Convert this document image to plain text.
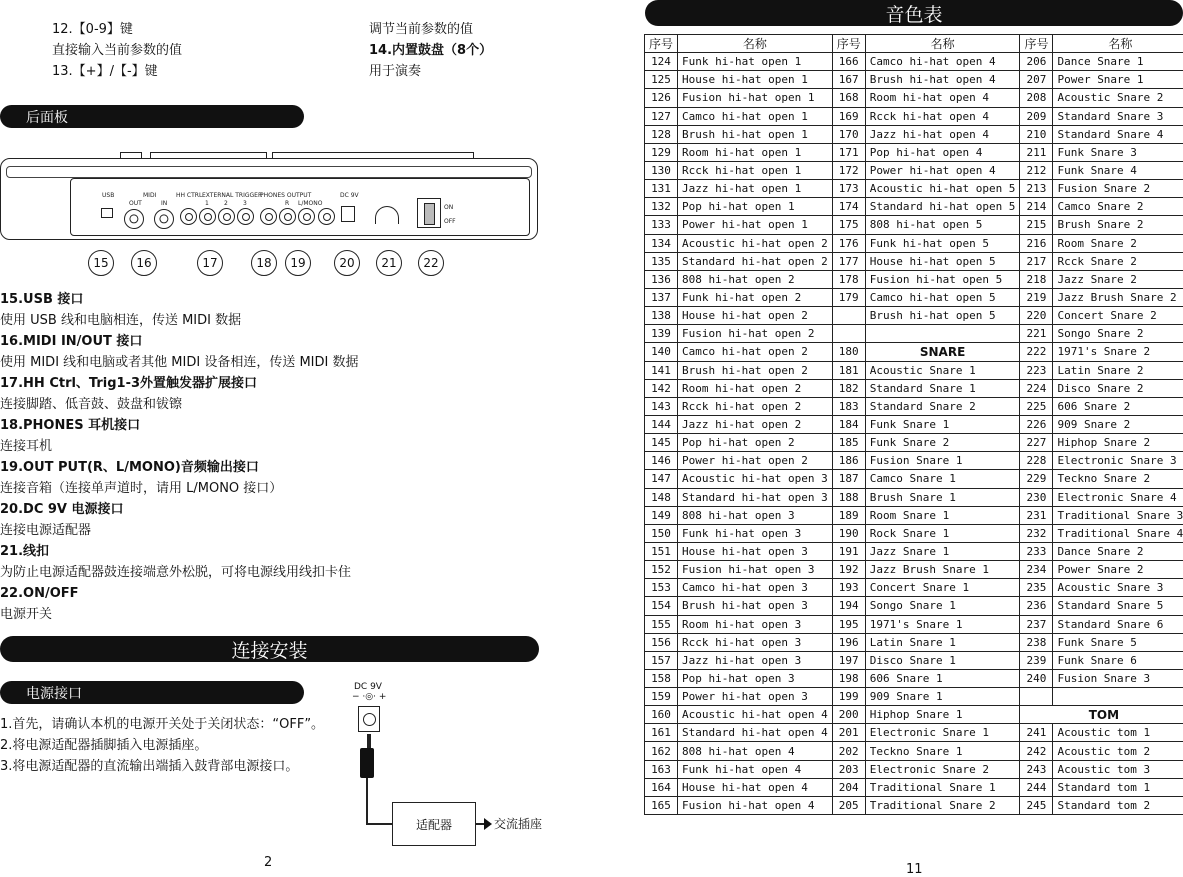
12.【0-9】键
直接输入当前参数的值
13.【+】/【-】键
调节当前参数的值
14.内置鼓盘（8个）
用于演奏
后面板
USB	MIDI
OUT	IN
HH CTRL EXTERNAL TRIGGER
1	2	3
PHONES OUTPUT
R L/MONO
DC 9V
ON
OFF
15	16	17	18	19	20	21	22
15.USB 接口
使用 USB 线和电脑相连，传送 MIDI 数据
16.MIDI IN/OUT 接口
使用 MIDI 线和电脑或者其他 MIDI 设备相连，传送 MIDI 数据
17.HH Ctrl、Trig1-3外置触发器扩展接口
连接脚踏、低音鼓、鼓盘和钹镲
18.PHONES 耳机接口
连接耳机
19.OUT PUT(R、L/MONO)音频输出接口
连接音箱（连接单声道时，请用 L/MONO 接口）
20.DC 9V 电源接口
连接电源适配器
21.线扣
为防止电源适配器鼓连接端意外松脱，可将电源线用线扣卡住
22.ON/OFF
电源开关
连接安装
电源接口
1.首先，请确认本机的电源开关处于关闭状态：“OFF”。
2.将电源适配器插脚插入电源插座。
3.将电源适配器的直流输出端插入鼓背部电源接口。
DC 9V
− ·◎· +
适配器	交流插座
2
音色表
序号	名称	序号	名称	序号	名称
124	Funk hi-hat open 1	166	Camco hi-hat open 4	206	Dance Snare 1
125	House hi-hat open 1	167	Brush hi-hat open 4	207	Power Snare 1
126	Fusion hi-hat open 1	168	Room hi-hat open 4	208	Acoustic Snare 2
127	Camco hi-hat open 1	169	Rcck hi-hat open 4	209	Standard Snare 3
128	Brush hi-hat open 1	170	Jazz hi-hat open 4	210	Standard Snare 4
129	Room hi-hat open 1	171	Pop hi-hat open 4	211	Funk Snare 3
130	Rcck hi-hat open 1	172	Power hi-hat open 4	212	Funk Snare 4
131	Jazz hi-hat open 1	173	Acoustic hi-hat open 5	213	Fusion Snare 2
132	Pop hi-hat open 1	174	Standard hi-hat open 5	214	Camco Snare 2
133	Power hi-hat open 1	175	808 hi-hat open 5	215	Brush Snare 2
134	Acoustic hi-hat open 2	176	Funk hi-hat open 5	216	Room Snare 2
135	Standard hi-hat open 2	177	House hi-hat open 5	217	Rcck Snare 2
136	808 hi-hat open 2	178	Fusion hi-hat open 5	218	Jazz Snare 2
137	Funk hi-hat open 2	179	Camco hi-hat open 5	219	Jazz Brush Snare 2
138	House hi-hat open 2		Brush hi-hat open 5	220	Concert Snare 2
139	Fusion hi-hat open 2			221	Songo Snare 2
140	Camco hi-hat open 2	180	SNARE	222	1971's Snare 2
141	Brush hi-hat open 2	181	Acoustic Snare 1	223	Latin Snare 2
142	Room hi-hat open 2	182	Standard Snare 1	224	Disco Snare 2
143	Rcck hi-hat open 2	183	Standard Snare 2	225	606 Snare 2
144	Jazz hi-hat open 2	184	Funk Snare 1	226	909 Snare 2
145	Pop hi-hat open 2	185	Funk Snare 2	227	Hiphop Snare 2
146	Power hi-hat open 2	186	Fusion Snare 1	228	Electronic Snare 3
147	Acoustic hi-hat open 3	187	Camco Snare 1	229	Teckno Snare 2
148	Standard hi-hat open 3	188	Brush Snare 1	230	Electronic Snare 4
149	808 hi-hat open 3	189	Room Snare 1	231	Traditional Snare 3
150	Funk hi-hat open 3	190	Rock Snare 1	232	Traditional Snare 4
151	House hi-hat open 3	191	Jazz Snare 1	233	Dance Snare 2
152	Fusion hi-hat open 3	192	Jazz Brush Snare 1	234	Power Snare 2
153	Camco hi-hat open 3	193	Concert Snare 1	235	Acoustic Snare 3
154	Brush hi-hat open 3	194	Songo Snare 1	236	Standard Snare 5
155	Room hi-hat open 3	195	1971's Snare 1	237	Standard Snare 6
156	Rcck hi-hat open 3	196	Latin Snare 1	238	Funk Snare 5
157	Jazz hi-hat open 3	197	Disco Snare 1	239	Funk Snare 6
158	Pop hi-hat open 3	198	606 Snare 1	240	Fusion Snare 3
159	Power hi-hat open 3	199	909 Snare 1		
160	Acoustic hi-hat open 4	200	Hiphop Snare 1	TOM	
161	Standard hi-hat open 4	201	Electronic Snare 1	241	Acoustic tom 1
162	808 hi-hat open 4	202	Teckno Snare 1	242	Acoustic tom 2
163	Funk hi-hat open 4	203	Electronic Snare 2	243	Acoustic tom 3
164	House hi-hat open 4	204	Traditional Snare 1	244	Standard tom 1
165	Fusion hi-hat open 4	205	Traditional Snare 2	245	Standard tom 2
11
